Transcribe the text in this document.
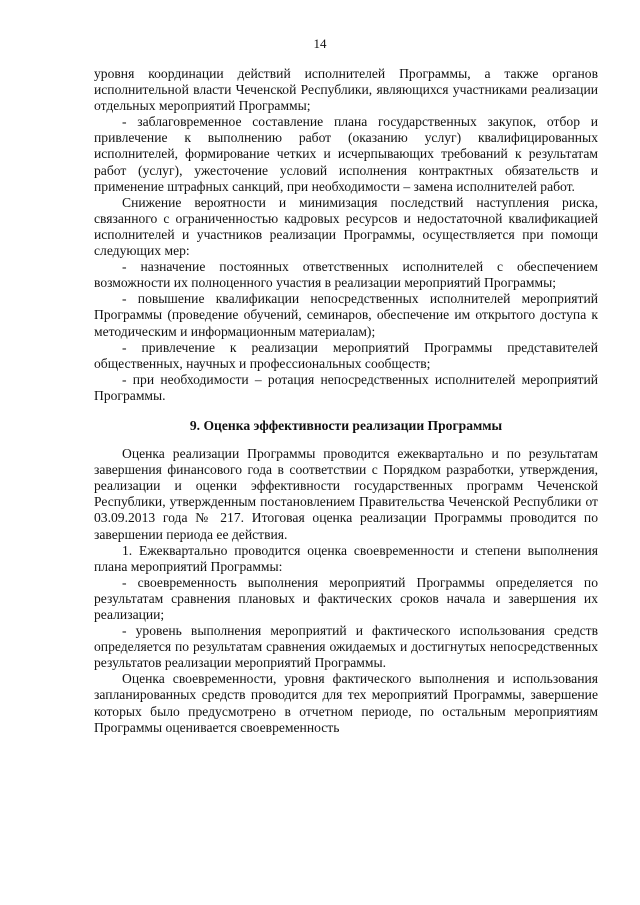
14

уровня координации действий исполнителей Программы, а также органов исполнительной власти Чеченской Республики, являющихся участниками реализации отдельных мероприятий Программы;

- заблаговременное составление плана государственных закупок, отбор и привлечение к выполнению работ (оказанию услуг) квалифицированных исполнителей, формирование четких и исчерпывающих требований к результатам работ (услуг), ужесточение условий исполнения контрактных обязательств и применение штрафных санкций, при необходимости – замена исполнителей работ.

Снижение вероятности и минимизация последствий наступления риска, связанного с ограниченностью кадровых ресурсов и недостаточной квалификацией исполнителей и участников реализации Программы, осуществляется при помощи следующих мер:

- назначение постоянных ответственных исполнителей с обеспечением возможности их полноценного участия в реализации мероприятий Программы;

- повышение квалификации непосредственных исполнителей мероприятий Программы (проведение обучений, семинаров, обеспечение им открытого доступа к методическим и информационным материалам);

- привлечение к реализации мероприятий Программы представителей общественных, научных и профессиональных сообществ;

- при необходимости – ротация непосредственных исполнителей мероприятий Программы.

9. Оценка эффективности реализации Программы

Оценка реализации Программы проводится ежеквартально и по результатам завершения финансового года в соответствии с Порядком разработки, утверждения, реализации и оценки эффективности государственных программ Чеченской Республики, утвержденным постановлением Правительства Чеченской Республики от 03.09.2013 года № 217. Итоговая оценка реализации Программы проводится по завершении периода ее действия.

1. Ежеквартально проводится оценка своевременности и степени выполнения плана мероприятий Программы:

- своевременность выполнения мероприятий Программы определяется по результатам сравнения плановых и фактических сроков начала и завершения их реализации;

- уровень выполнения мероприятий и фактического использования средств определяется по результатам сравнения ожидаемых и достигнутых непосредственных результатов реализации мероприятий Программы.

Оценка своевременности, уровня фактического выполнения и использования запланированных средств проводится для тех мероприятий Программы, завершение которых было предусмотрено в отчетном периоде, по остальным мероприятиям Программы оценивается своевременность
